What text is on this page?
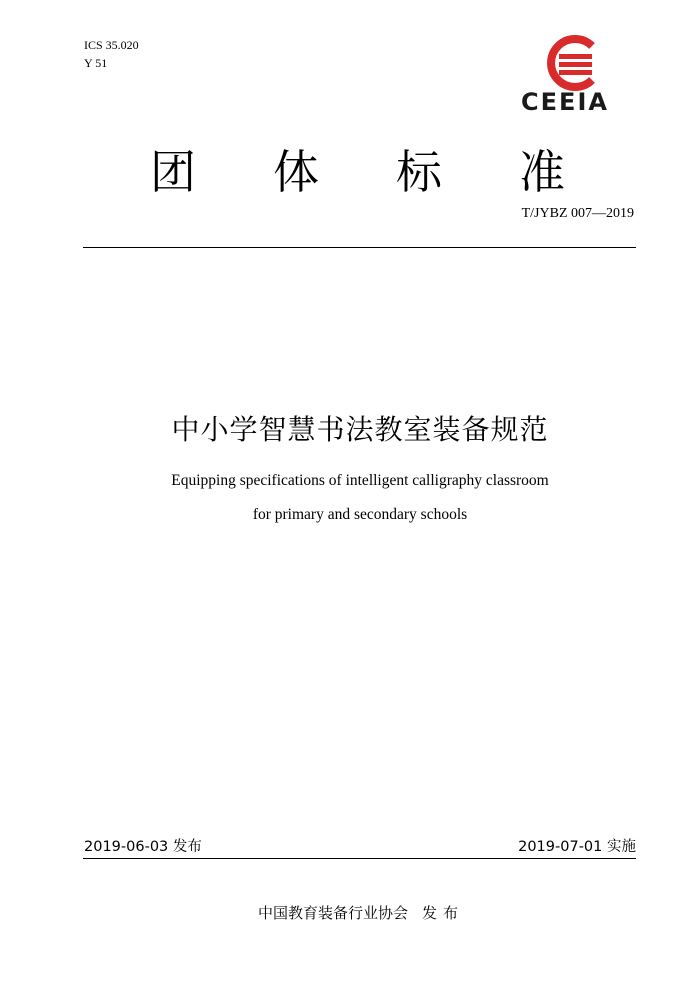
ICS 35.020
Y 51
CEEIA
团 体 标 准
T/JYBZ 007—2019
中小学智慧书法教室装备规范
Equipping specifications of intelligent calligraphy classroom
for primary and secondary schools
2019-06-03 发布	2019-07-01 实施
中国教育装备行业协会 发布
